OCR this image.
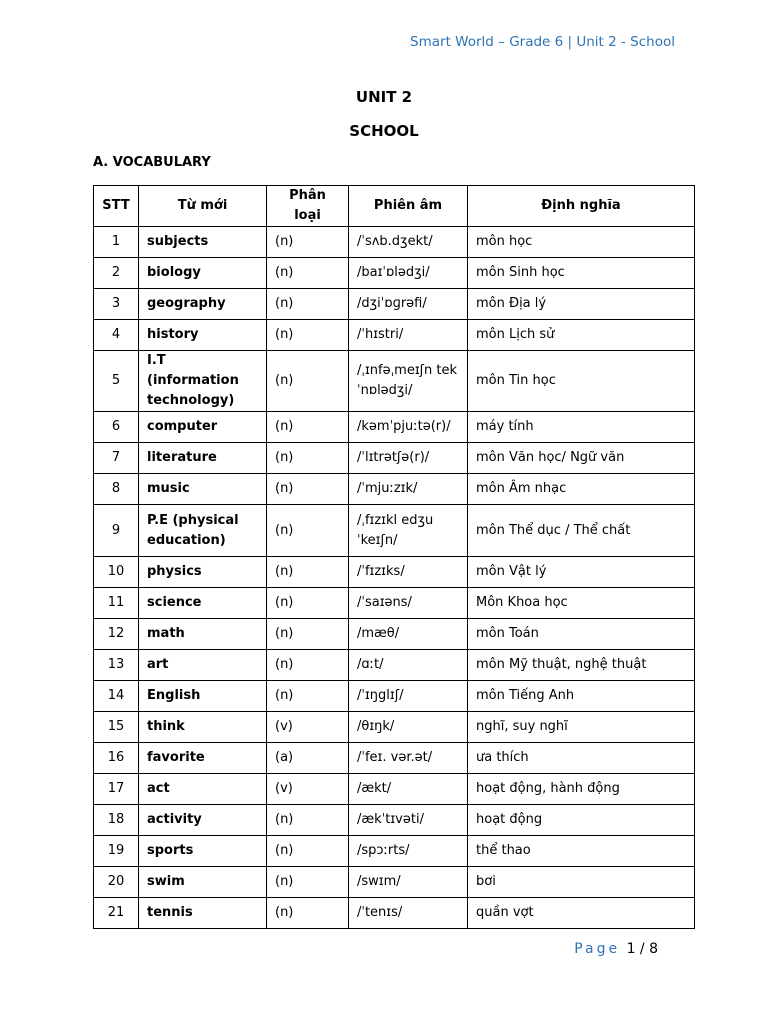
Smart World – Grade 6 | Unit 2 - School
UNIT 2
SCHOOL
A. VOCABULARY
STT	Từ mới	Phân loại	Phiên âm	Định nghĩa
1	subjects	(n)	/ˈsʌb.dʒekt/	môn học
2	biology	(n)	/baɪˈɒlədʒi/	môn Sinh học
3	geography	(n)	/dʒiˈɒɡrəfi/	môn Địa lý
4	history	(n)	/ˈhɪstri/	môn Lịch sử
5	I.T (information technology)	(n)	/ˌɪnfəˌmeɪʃn tekˈnɒlədʒi/	môn Tin học
6	computer	(n)	/kəmˈpjuːtə(r)/	máy tính
7	literature	(n)	/ˈlɪtrətʃə(r)/	môn Văn học/ Ngữ văn
8	music	(n)	/ˈmjuːzɪk/	môn Âm nhạc
9	P.E (physical education)	(n)	/ˌfɪzɪkl edʒuˈkeɪʃn/	môn Thể dục / Thể chất
10	physics	(n)	/ˈfɪzɪks/	môn Vật lý
11	science	(n)	/ˈsaɪəns/	Môn Khoa học
12	math	(n)	/mæθ/	môn Toán
13	art	(n)	/ɑːt/	môn Mỹ thuật, nghệ thuật
14	English	(n)	/ˈɪŋglɪʃ/	môn Tiếng Anh
15	think	(v)	/θɪŋk/	nghĩ, suy nghĩ
16	favorite	(a)	/ˈfeɪ. vər.ət/	ưa thích
17	act	(v)	/ækt/	hoạt động, hành động
18	activity	(n)	/ækˈtɪvəti/	hoạt động
19	sports	(n)	/spɔːrts/	thể thao
20	swim	(n)	/swɪm/	bơi
21	tennis	(n)	/ˈtenɪs/	quần vợt
Page 1 / 8
